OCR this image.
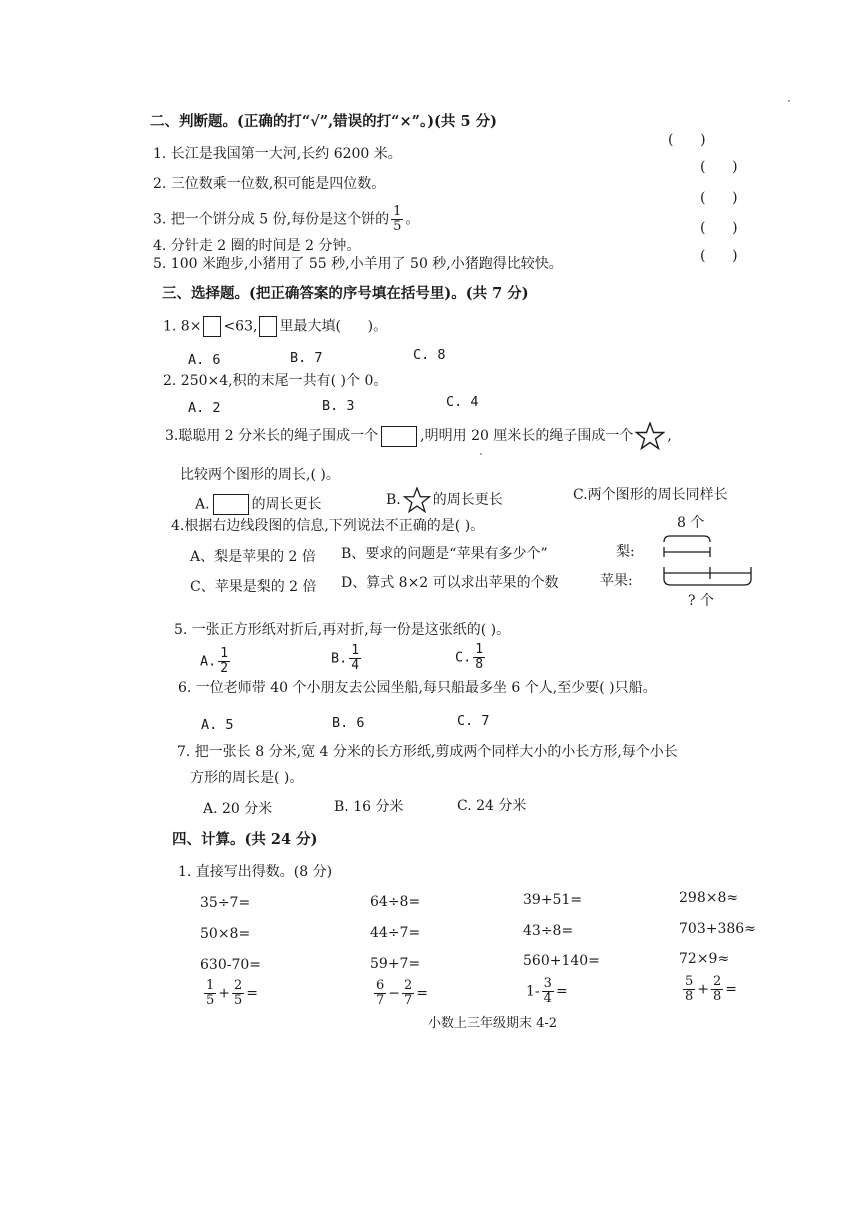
二、判断题。(正确的打“√”,错误的打“×”。)(共 5 分)
(      )
1. 长江是我国第一大河,长约 6200 米。
(      )
2. 三位数乘一位数,积可能是四位数。
(      )
3. 把一个饼分成 5 份,每份是这个饼的 $\frac{1}{5}$ 。
(      )
4. 分针走 2 圈的时间是 2 分钟。
(      )
5. 100 米跑步,小猪用了 55 秒,小羊用了 50 秒,小猪跑得比较快。
三、选择题。(把正确答案的序号填在括号里)。(共 7 分)
1. 8× <63, 里最大填( )。
A. 6	B. 7	C. 8
2. 250×4,积的末尾一共有( )个 0。
A. 2	B. 3	C. 4
3.聪聪用 2 分米长的绳子围成一个	,明明用 20 厘米长的绳子围成一个 ,
比较两个图形的周长,( )。
A.	的周长更长	B. 的周长更长	C.两个图形的周长同样长
4.根据右边线段图的信息,下列说法不正确的是( )。
A、梨是苹果的 2 倍 B、要求的问题是“苹果有多少个”
C、苹果是梨的 2 倍 D、算式 8×2 可以求出苹果的个数
8 个
梨:
苹果:
? 个
5. 一张正方形纸对折后,再对折,每一份是这张纸的( )。
A. $\frac{1}{2}$	B. $\frac{1}{4}$	C. $\frac{1}{8}$
6. 一位老师带 40 个小朋友去公园坐船,每只船最多坐 6 个人,至少要( )只船。
A. 5	B. 6	C. 7
7. 把一张长 8 分米,宽 4 分米的长方形纸,剪成两个同样大小的小长方形,每个小长
方形的周长是( )。
A. 20 分米	B. 16 分米	C. 24 分米
四、计算。(共 24 分)
1. 直接写出得数。(8 分)
35÷7=	64÷8=	39+51=	298×8≈
50×8=	44÷7=	43÷8=	703+386≈
630-70=	59+7=	560+140=	72×9≈
$\frac{1}{5} + \frac{2}{5}$ =	$\frac{6}{7} - \frac{2}{7}$ =	$1- \frac{3}{4}$ =	$\frac{5}{8} + \frac{2}{8}$ =
小数上三年级期末 4-2
